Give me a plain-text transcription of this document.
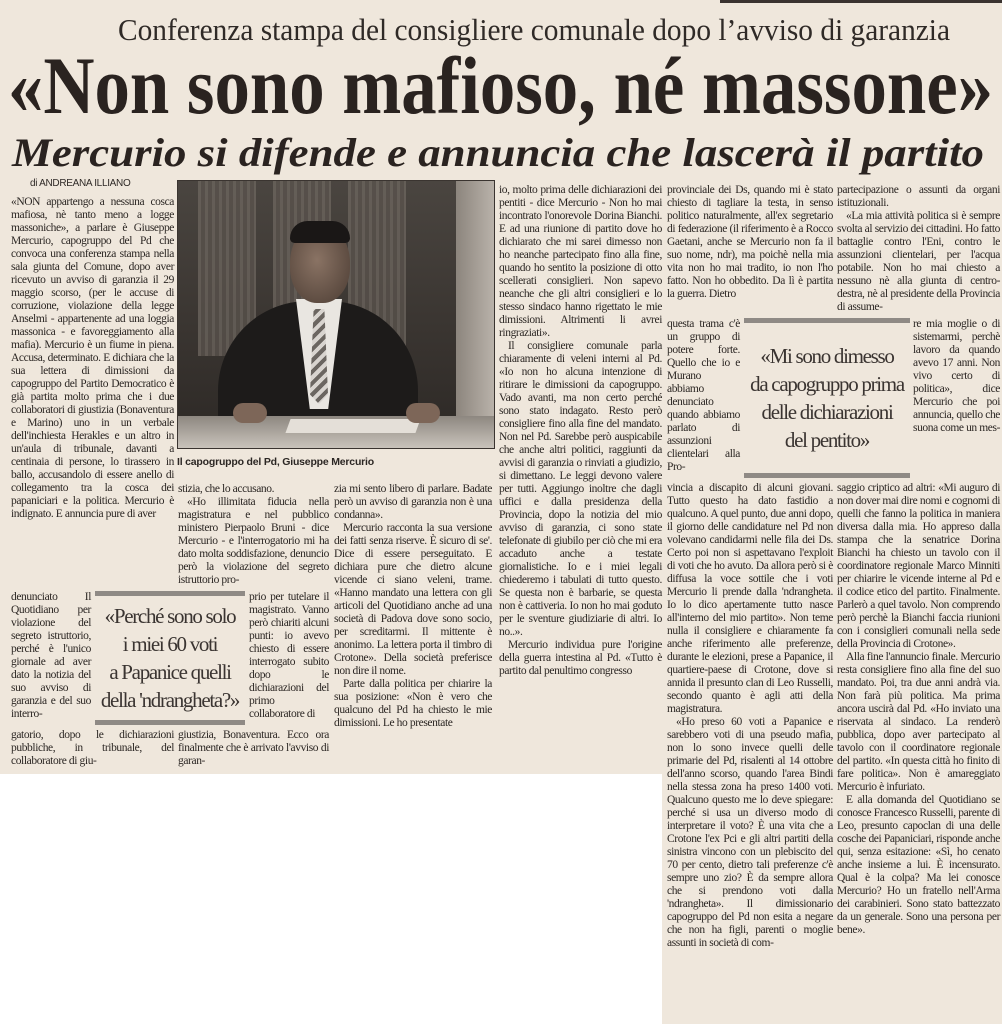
Conferenza stampa del consigliere comunale dopo l’avviso di garanzia
«Non sono mafioso, né massone»
Mercurio si difende e annuncia che lascerà il partito
di ANDREANA ILLIANO
Il capogruppo del Pd, Giuseppe Mercurio

«NON appartengo a nessuna cosca mafiosa, nè tanto meno a logge massoniche», a parlare è Giuseppe Mercurio, capogruppo del Pd che convoca una conferenza stampa nella sala giunta del Comune, dopo aver ricevuto un avviso di garanzia il 29 maggio scorso, (per le accuse di corruzione, violazione della legge Anselmi - appartenente ad una loggia massonica - e favoreggiamento alla mafia). Mercurio è un fiume in piena. Accusa, determinato. E dichiara che la sua lettera di dimissioni da capogruppo del Partito Democratico è già partita molto prima che i due collaboratori di giustizia (Bonaventura e Marino) uno in un verbale dell'inchiesta Herakles e un altro in un'aula di tribunale, davanti a centinaia di persone, lo tirassero in ballo, accusandolo di essere anello di collegamento tra la cosca dei papaniciari e la politica. Mercurio è indignato. E annuncia pure di aver

denunciato Il Quotidiano per violazione del segreto istruttorio, perché è l'unico giornale ad aver dato la notizia del suo avviso di garanzia e del suo interro-

gatorio, dopo le dichiarazioni pubbliche, in tribunale, del collaboratore di giu-

stizia, che lo accusano.

«Ho illimitata fiducia nella magistratura e nel pubblico ministero Pierpaolo Bruni - dice Mercurio - e l'interrogatorio mi ha dato molta soddisfazione, denuncio però la violazione del segreto istruttorio pro-

prio per tutelare il magistrato. Vanno però chiariti alcuni punti: io avevo chiesto di essere interrogato subito dopo le dichiarazioni del primo collaboratore di

giustizia, Bonaventura. Ecco ora finalmente che è arrivato l'avviso di garan-

zia mi sento libero di parlare. Badate però un avviso di garanzia non è una condanna».

Mercurio racconta la sua versione dei fatti senza riserve. È sicuro di se'. Dice di essere perseguitato. E dichiara pure che dietro alcune vicende ci siano veleni, trame. «Hanno mandato una lettera con gli articoli del Quotidiano anche ad una società di Padova dove sono socio, per screditarmi. Il mittente è anonimo. La lettera porta il timbro di Crotone». Della società preferisce non dire il nome.

Parte dalla politica per chiarire la sua posizione: «Non è vero che qualcuno del Pd ha chiesto le mie dimissioni. Le ho presentate

io, molto prima delle dichiarazioni dei pentiti - dice Mercurio - Non ho mai incontrato l'onorevole Dorina Bianchi. E ad una riunione di partito dove ho dichiarato che mi sarei dimesso non ho neanche partecipato fino alla fine, quando ho sentito la posizione di otto scellerati consiglieri. Non sapevo neanche che gli altri consiglieri e lo stesso sindaco hanno rigettato le mie dimissioni. Altrimenti li avrei ringraziati».

Il consigliere comunale parla chiaramente di veleni interni al Pd. «Io non ho alcuna intenzione di ritirare le dimissioni da capogruppo. Vado avanti, ma non certo perché sono stato indagato. Resto però consigliere fino alla fine del mandato. Non nel Pd. Sarebbe però auspicabile che anche altri politici, raggiunti da avvisi di garanzia o rinviati a giudizio, si dimettano. Le leggi devono valere per tutti. Aggiungo inoltre che dagli uffici e dalla presidenza della Provincia, dopo la notizia del mio avviso di garanzia, ci sono state telefonate di giubilo per ciò che mi era accaduto anche a testate giornalistiche. Io e i miei legali chiederemo i tabulati di tutto questo. Se questa non è barbarie, se questa non è cattiveria. Io non ho mai goduto per le sventure giudiziarie di altri. Io no..».

Mercurio individua pure l'origine della guerra intestina al Pd. «Tutto è partito dal penultimo congresso

provinciale dei Ds, quando mi è stato chiesto di tagliare la testa, in senso politico naturalmente, all'ex segretario di federazione (il riferimento è a Rocco Gaetani, anche se Mercurio non fa il suo nome, ndr), ma poichè nella mia vita non ho mai tradito, io non l'ho fatto. Non ho obbedito. Da lì è partita la guerra. Dietro

questa trama c'è un gruppo di potere forte. Quello che io e Murano abbiamo denunciato quando abbiamo parlato di assunzioni clientelari alla Pro-

vincia a discapito di alcuni giovani. Tutto questo ha dato fastidio a qualcuno. A quel punto, due anni dopo, il giorno delle candidature nel Pd non volevano candidarmi nelle fila dei Ds. Certo poi non si aspettavano l'exploit di voti che ho avuto. Da allora però si è diffusa la voce sottile che i voti Mercurio li prende dalla 'ndrangheta. Io lo dico apertamente tutto nasce all'interno del mio partito». Non teme nulla il consigliere e chiaramente fa anche riferimento alle preferenze, durante le elezioni, prese a Papanice, il quartiere-paese di Crotone, dove si annida il presunto clan di Leo Russelli, secondo quanto è agli atti della magistratura.

«Ho preso 60 voti a Papanice e sarebbero voti di una pseudo mafia, non lo sono invece quelli delle primarie del Pd, risalenti al 14 ottobre dell'anno scorso, quando l'area Bindi nella stessa zona ha preso 1400 voti. Qualcuno questo me lo deve spiegare: perché si usa un diverso modo di interpretare il voto? È una vita che a Crotone l'ex Pci e gli altri partiti della sinistra vincono con un plebiscito del 70 per cento, dietro tali preferenze c'è sempre uno zio? È da sempre allora che si prendono voti dalla 'ndrangheta». Il dimissionario capogruppo del Pd non esita a negare che non ha figli, parenti o moglie assunti in società di com-

partecipazione o assunti da organi istituzionali.

«La mia attività politica si è sempre svolta al servizio dei cittadini. Ho fatto battaglie contro l'Eni, contro le assunzioni clientelari, per l'acqua potabile. Non ho mai chiesto a nessuno nè alla giunta di centro-destra, nè al presidente della Provincia di assume-

re mia moglie o di sistemarmi, perchè lavoro da quando avevo 17 anni. Non vivo certo di politica», dice Mercurio che poi annuncia, quello che suona come un mes-

saggio criptico ad altri: «Mi auguro di non dover mai dire nomi e cognomi di quelli che fanno la politica in maniera diversa dalla mia. Ho appreso dalla stampa che la senatrice Dorina Bianchi ha chiesto un tavolo con il coordinatore regionale Marco Minniti per chiarire le vicende interne al Pd e il codice etico del partito. Finalmente. Parlerò a quel tavolo. Non comprendo però perchè la Bianchi faccia riunioni con i consiglieri comunali nella sede della Provincia di Crotone».

Alla fine l'annuncio finale. Mercurio resta consigliere fino alla fine del suo mandato. Poi, tra due anni andrà via. Non farà più politica. Ma prima ancora uscirà dal Pd. «Ho inviato una riservata al sindaco. La renderò pubblica, dopo aver partecipato al tavolo con il coordinatore regionale del partito. «In questa città ho finito di fare politica». Non è amareggiato Mercurio è infuriato.

E alla domanda del Quotidiano se conosce Francesco Russelli, parente di Leo, presunto capoclan di una delle cosche dei Papaniciari, risponde anche qui, senza esitazione: «Sì, ho cenato anche insieme a lui. È incensurato. Qual è la colpa? Ma lei conosce Mercurio? Ho un fratello nell'Arma dei carabinieri. Sono stato battezzato da un generale. Sono una persona per bene».

«Perché sono solo
i miei 60 voti
a Papanice quelli
della 'ndrangheta?»
«Mi sono dimesso
da capogruppo prima
delle dichiarazioni
del pentito»
